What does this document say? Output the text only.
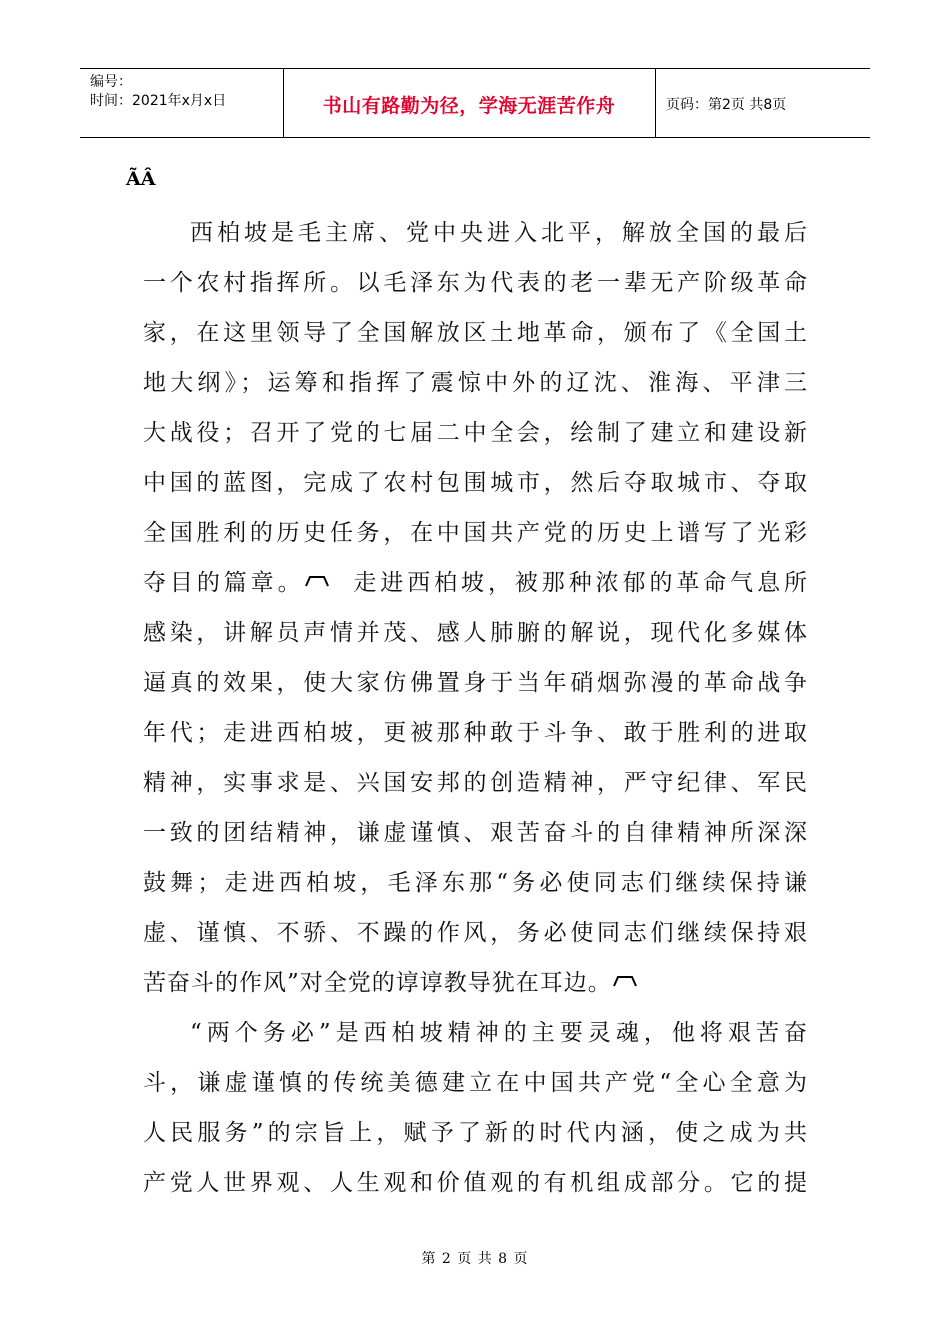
编号：
时间：2021年x月x日	书山有路勤为径，学海无涯苦作舟	页码：第2页 共8页
ÃÂ
西柏坡是毛主席、党中央进入北平，解放全国的最后
一个农村指挥所。以毛泽东为代表的老一辈无产阶级革命
家，在这里领导了全国解放区土地革命，颁布了《全国土
地大纲》；运筹和指挥了震惊中外的辽沈、淮海、平津三
大战役；召开了党的七届二中全会，绘制了建立和建设新
中国的蓝图，完成了农村包围城市，然后夺取城市、夺取
全国胜利的历史任务，在中国共产党的历史上谱写了光彩
夺目的篇章。 走进西柏坡，被那种浓郁的革命气息所
感染，讲解员声情并茂、感人肺腑的解说，现代化多媒体
逼真的效果，使大家仿佛置身于当年硝烟弥漫的革命战争
年代；走进西柏坡，更被那种敢于斗争、敢于胜利的进取
精神，实事求是、兴国安邦的创造精神，严守纪律、军民
一致的团结精神，谦虚谨慎、艰苦奋斗的自律精神所深深
鼓舞；走进西柏坡，毛泽东那“务必使同志们继续保持谦
虚、谨慎、不骄、不躁的作风，务必使同志们继续保持艰
苦奋斗的作风”对全党的谆谆教导犹在耳边。
“两个务必”是西柏坡精神的主要灵魂，他将艰苦奋
斗，谦虚谨慎的传统美德建立在中国共产党“全心全意为
人民服务”的宗旨上，赋予了新的时代内涵，使之成为共
产党人世界观、人生观和价值观的有机组成部分。它的提
第 2 页 共 8 页
